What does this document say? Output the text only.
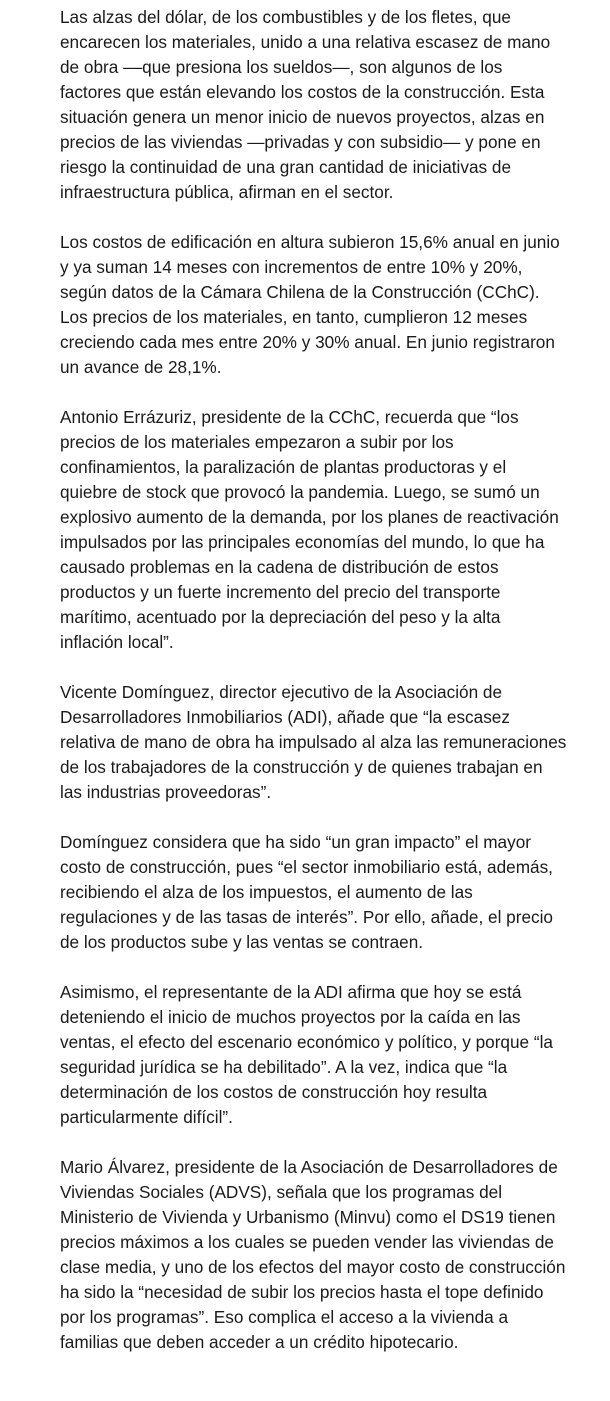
Las alzas del dólar, de los combustibles y de los fletes, que encarecen los materiales, unido a una relativa escasez de mano de obra ––que presiona los sueldos—, son algunos de los factores que están elevando los costos de la construcción. Esta situación genera un menor inicio de nuevos proyectos, alzas en precios de las viviendas —privadas y con subsidio— y pone en riesgo la continuidad de una gran cantidad de iniciativas de infraestructura pública, afirman en el sector.

Los costos de edificación en altura subieron 15,6% anual en junio y ya suman 14 meses con incrementos de entre 10% y 20%, según datos de la Cámara Chilena de la Construcción (CChC). Los precios de los materiales, en tanto, cumplieron 12 meses creciendo cada mes entre 20% y 30% anual. En junio registraron un avance de 28,1%.

Antonio Errázuriz, presidente de la CChC, recuerda que “los precios de los materiales empezaron a subir por los confinamientos, la paralización de plantas productoras y el quiebre de stock que provocó la pandemia. Luego, se sumó un explosivo aumento de la demanda, por los planes de reactivación impulsados por las principales economías del mundo, lo que ha causado problemas en la cadena de distribución de estos productos y un fuerte incremento del precio del transporte marítimo, acentuado por la depreciación del peso y la alta inflación local”.

Vicente Domínguez, director ejecutivo de la Asociación de Desarrolladores Inmobiliarios (ADI), añade que “la escasez relativa de mano de obra ha impulsado al alza las remuneraciones de los trabajadores de la construcción y de quienes trabajan en las industrias proveedoras”.

Domínguez considera que ha sido “un gran impacto” el mayor costo de construcción, pues “el sector inmobiliario está, además, recibiendo el alza de los impuestos, el aumento de las regulaciones y de las tasas de interés”. Por ello, añade, el precio de los productos sube y las ventas se contraen.

Asimismo, el representante de la ADI afirma que hoy se está deteniendo el inicio de muchos proyectos por la caída en las ventas, el efecto del escenario económico y político, y porque “la seguridad jurídica se ha debilitado”. A la vez, indica que “la determinación de los costos de construcción hoy resulta particularmente difícil”.

Mario Álvarez, presidente de la Asociación de Desarrolladores de Viviendas Sociales (ADVS), señala que los programas del Ministerio de Vivienda y Urbanismo (Minvu) como el DS19 tienen precios máximos a los cuales se pueden vender las viviendas de clase media, y uno de los efectos del mayor costo de construcción ha sido la “necesidad de subir los precios hasta el tope definido por los programas”. Eso complica el acceso a la vivienda a familias que deben acceder a un crédito hipotecario.
